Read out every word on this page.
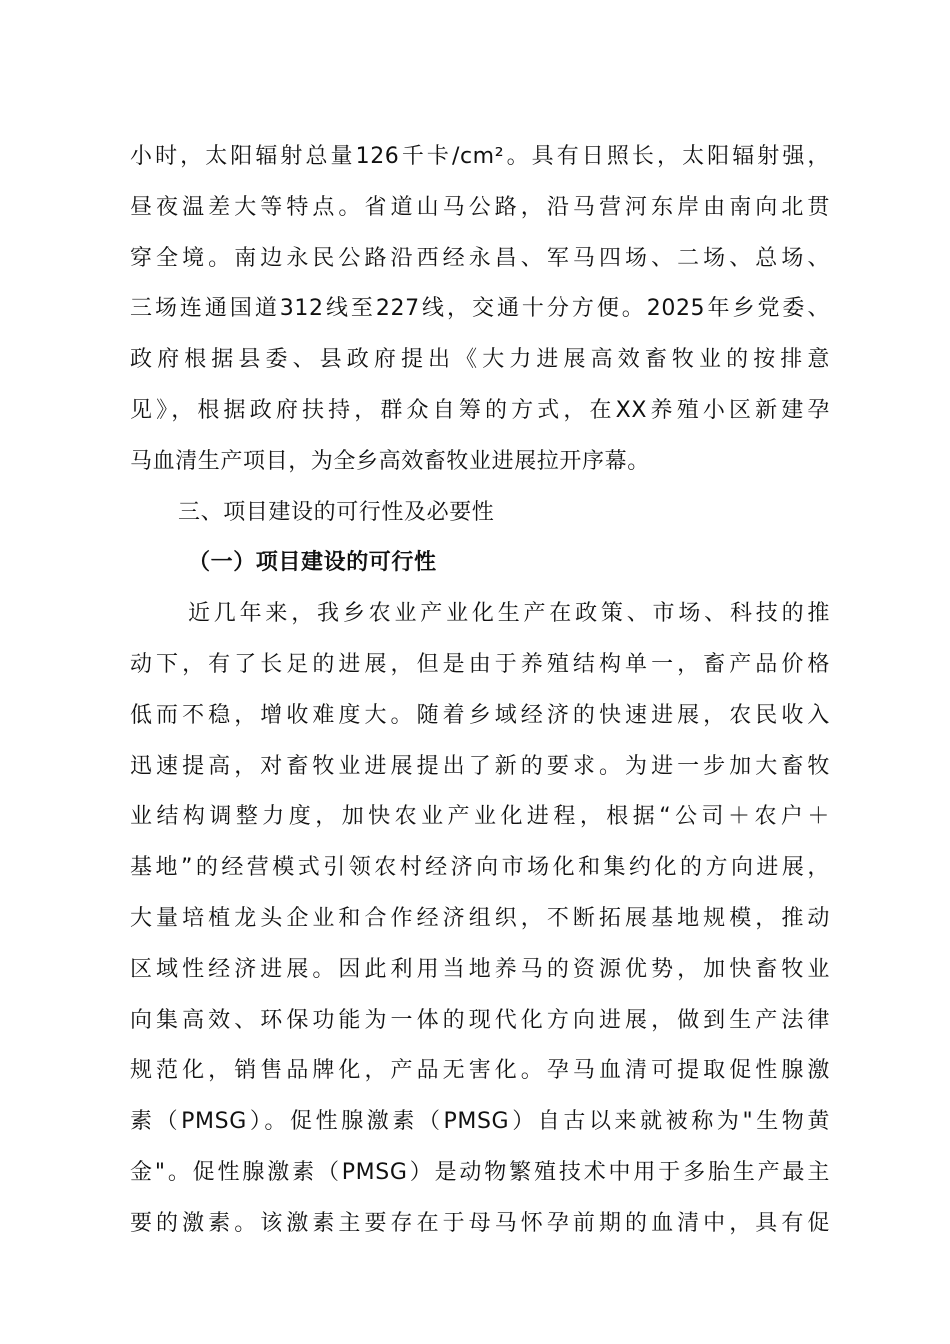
小时，太阳辐射总量126千卡/cm²。具有日照长，太阳辐射强，
昼夜温差大等特点。省道山马公路，沿马营河东岸由南向北贯
穿全境。南边永民公路沿西经永昌、军马四场、二场、总场、
三场连通国道312线至227线，交通十分方便。2025年乡党委、
政府根据县委、县政府提出《大力进展高效畜牧业的按排意
见》，根据政府扶持，群众自筹的方式，在XX养殖小区新建孕
马血清生产项目，为全乡高效畜牧业进展拉开序幕。
三、项目建设的可行性及必要性
（一）项目建设的可行性
近几年来，我乡农业产业化生产在政策、市场、科技的推
动下，有了长足的进展，但是由于养殖结构单一，畜产品价格
低而不稳，增收难度大。随着乡域经济的快速进展，农民收入
迅速提高，对畜牧业进展提出了新的要求。为进一步加大畜牧
业结构调整力度，加快农业产业化进程，根据“公司＋农户＋
基地”的经营模式引领农村经济向市场化和集约化的方向进展，
大量培植龙头企业和合作经济组织，不断拓展基地规模，推动
区域性经济进展。因此利用当地养马的资源优势，加快畜牧业
向集高效、环保功能为一体的现代化方向进展，做到生产法律
规范化，销售品牌化，产品无害化。孕马血清可提取促性腺激
素（PMSG）。促性腺激素（PMSG）自古以来就被称为"生物黄
金"。促性腺激素（PMSG）是动物繁殖技术中用于多胎生产最主
要的激素。该激素主要存在于母马怀孕前期的血清中，具有促
